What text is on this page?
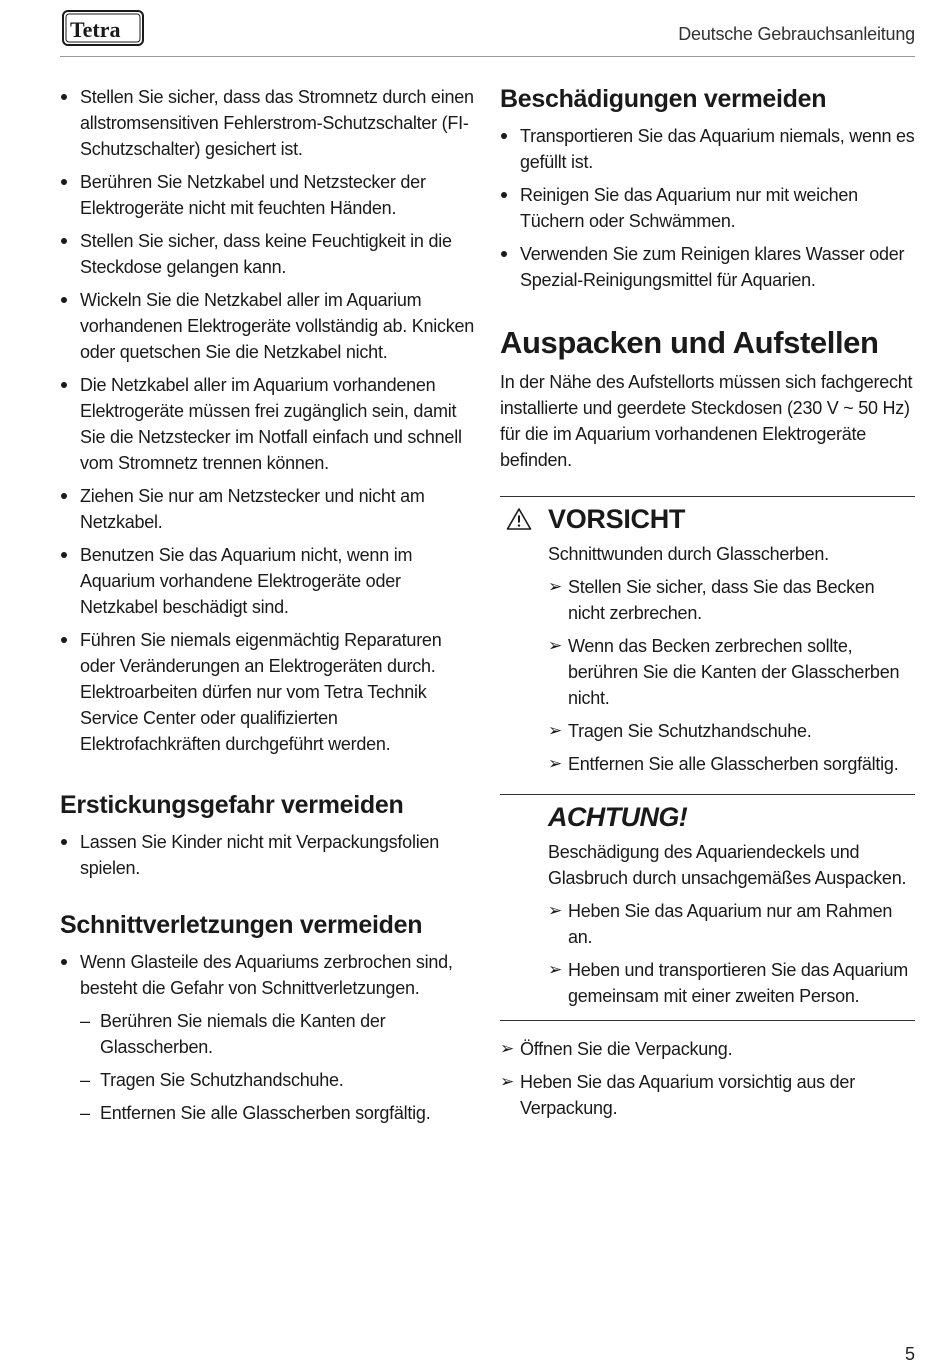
Tetra	Deutsche Gebrauchsanleitung
Stellen Sie sicher, dass das Stromnetz durch einen allstromsensitiven Fehlerstrom-Schutzschalter (FI-Schutzschalter) gesichert ist.
Berühren Sie Netzkabel und Netzstecker der Elektrogeräte nicht mit feuchten Händen.
Stellen Sie sicher, dass keine Feuchtigkeit in die Steckdose gelangen kann.
Wickeln Sie die Netzkabel aller im Aquarium vorhandenen Elektrogeräte vollständig ab. Knicken oder quetschen Sie die Netzkabel nicht.
Die Netzkabel aller im Aquarium vorhandenen Elektrogeräte müssen frei zugänglich sein, damit Sie die Netzstecker im Notfall einfach und schnell vom Stromnetz trennen können.
Ziehen Sie nur am Netzstecker und nicht am Netzkabel.
Benutzen Sie das Aquarium nicht, wenn im Aquarium vorhandene Elektrogeräte oder Netzkabel beschädigt sind.
Führen Sie niemals eigenmächtig Reparaturen oder Veränderungen an Elektrogeräten durch. Elektroarbeiten dürfen nur vom Tetra Technik Service Center oder qualifizierten Elektrofachkräften durchgeführt werden.
Erstickungsgefahr vermeiden
Lassen Sie Kinder nicht mit Verpackungsfolien spielen.
Schnittverletzungen vermeiden
Wenn Glasteile des Aquariums zerbrochen sind, besteht die Gefahr von Schnittverletzungen.
– Berühren Sie niemals die Kanten der Glasscherben.
– Tragen Sie Schutzhandschuhe.
– Entfernen Sie alle Glasscherben sorgfältig.
Beschädigungen vermeiden
Transportieren Sie das Aquarium niemals, wenn es gefüllt ist.
Reinigen Sie das Aquarium nur mit weichen Tüchern oder Schwämmen.
Verwenden Sie zum Reinigen klares Wasser oder Spezial-Reinigungsmittel für Aquarien.
Auspacken und Aufstellen

In der Nähe des Aufstellorts müssen sich fachgerecht installierte und geerdete Steckdosen (230 V ~ 50 Hz) für die im Aquarium vorhandenen Elektrogeräte befinden.

VORSICHT

Schnittwunden durch Glasscherben.

➢ Stellen Sie sicher, dass Sie das Becken nicht zerbrechen.
➢ Wenn das Becken zerbrechen sollte, berühren Sie die Kanten der Glasscherben nicht.
➢ Tragen Sie Schutzhandschuhe.
➢ Entfernen Sie alle Glasscherben sorgfältig.
ACHTUNG!

Beschädigung des Aquariendeckels und Glasbruch durch unsachgemäßes Auspacken.

➢ Heben Sie das Aquarium nur am Rahmen an.
➢ Heben und transportieren Sie das Aquarium gemeinsam mit einer zweiten Person.
➢ Öffnen Sie die Verpackung.
➢ Heben Sie das Aquarium vorsichtig aus der Verpackung.
5
